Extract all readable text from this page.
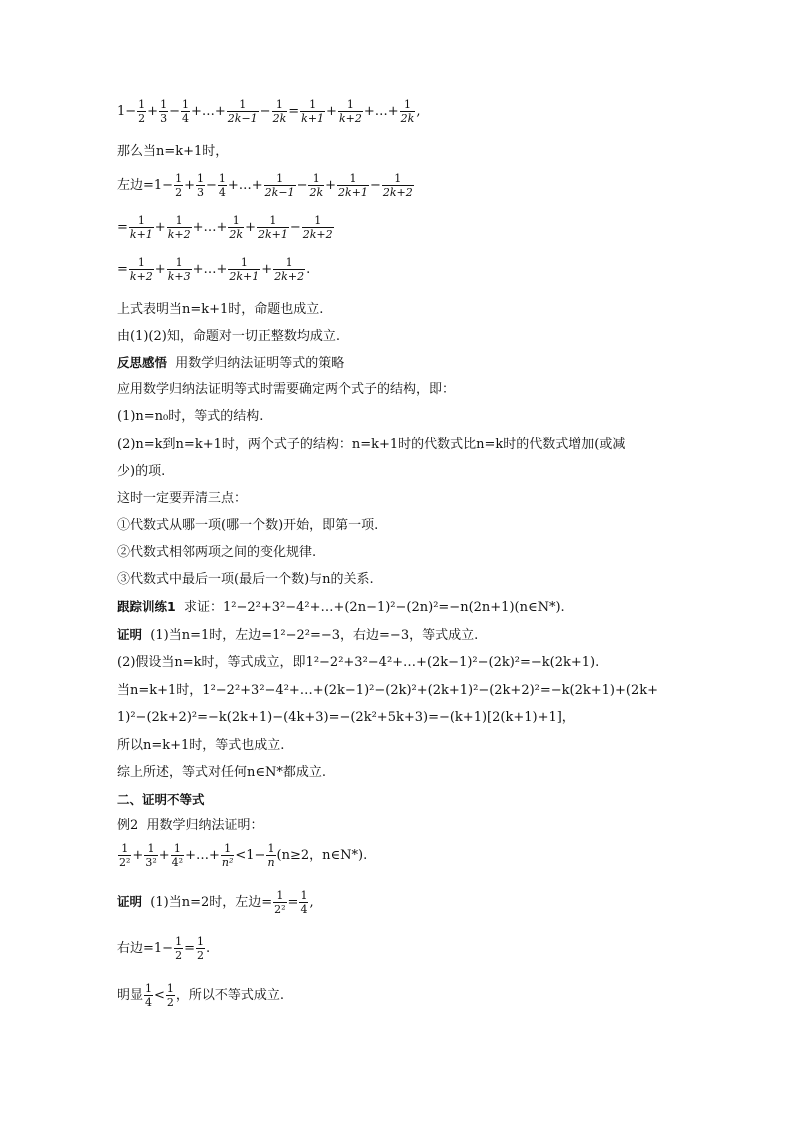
$1- \frac{1}{2} + \frac{1}{3} - \frac{1}{4}$ +…+ $\frac{1}{2k-1} - \frac{1}{2k} = \frac{1}{k+1} + \frac{1}{k+2}$ +…+ $\frac{1}{2k}$ ,
那么当n=k+1时，
左边$=1- \frac{1}{2} + \frac{1}{3} - \frac{1}{4}$ +…+ $\frac{1}{2k-1} - \frac{1}{2k} + \frac{1}{2k+1} - \frac{1}{2k+2}$
= $\frac{1}{k+1} + \frac{1}{k+2}$ +…+ $\frac{1}{2k} + \frac{1}{2k+1} - \frac{1}{2k+2}$
= $\frac{1}{k+2} + \frac{1}{k+3}$ +…+ $\frac{1}{2k+1} + \frac{1}{2k+2}$ .
上式表明当n=k+1时，命题也成立.
由(1)(2)知，命题对一切正整数均成立.
反思感悟 用数学归纳法证明等式的策略
应用数学归纳法证明等式时需要确定两个式子的结构，即：
(1)n=n₀时，等式的结构.
(2)n=k到n=k+1时，两个式子的结构：n=k+1时的代数式比n=k时的代数式增加(或减
少)的项.
这时一定要弄清三点：
①代数式从哪一项(哪一个数)开始，即第一项.
②代数式相邻两项之间的变化规律.
③代数式中最后一项(最后一个数)与n的关系.
跟踪训练1 求证：1²−2²+3²−4²+…+(2n−1)²−(2n)²=−n(2n+1)(n∈N*).
证明 (1)当n=1时，左边=1²−2²=−3，右边=−3，等式成立.
(2)假设当n=k时，等式成立，即1²−2²+3²−4²+…+(2k−1)²−(2k)²=−k(2k+1).
当n=k+1时，1²−2²+3²−4²+…+(2k−1)²−(2k)²+(2k+1)²−(2k+2)²=−k(2k+1)+(2k+
1)²−(2k+2)²=−k(2k+1)−(4k+3)=−(2k²+5k+3)=−(k+1)[2(k+1)+1]，
所以n=k+1时，等式也成立.
综上所述，等式对任何n∈N*都成立.
二、证明不等式
例2 用数学归纳法证明：
$\frac{1}{\text{2²}} + \frac{1}{\text{3²}} + \frac{1}{\text{4²}}$ +…+ $\frac{1}{\text{n²}} <1- \frac{1}{n} (n\ge 2$，n∈N*).
证明 (1)当n=2时，左边= $\frac{1}{\text{2²}} = \frac{1}{4}$ ,
右边$=1- \frac{1}{2} = \frac{1}{2}$ .
明显 $\frac{1}{4} < \frac{1}{2}$ ，所以不等式成立.
